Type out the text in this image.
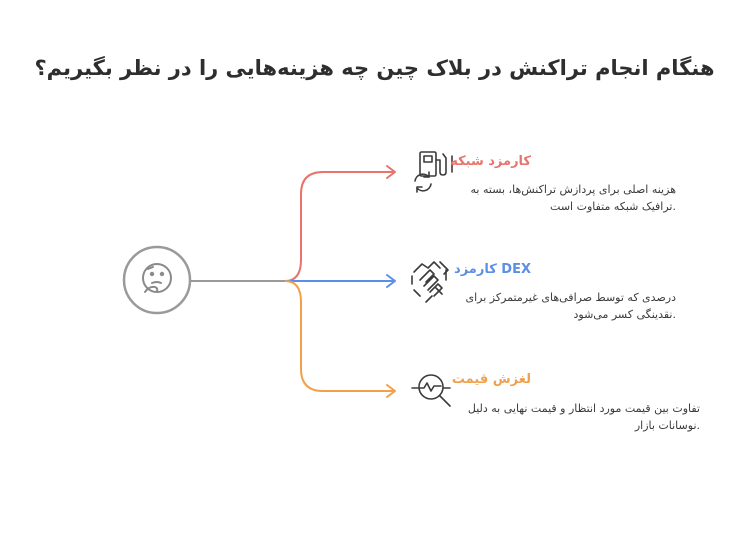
هنگام انجام تراکنش در بلاک چین چه هزینه‌هایی را در نظر بگیریم؟
کارمزد شبکه
هزینه اصلی برای پردازش تراکنش‌ها، بسته به
.ترافیک شبکه متفاوت است
DEX کارمزد
درصدی که توسط صرافی‌های غیرمتمرکز برای
.نقدینگی کسر می‌شود
لغزش قیمت
تفاوت بین قیمت مورد انتظار و قیمت نهایی به دلیل
.نوسانات بازار
